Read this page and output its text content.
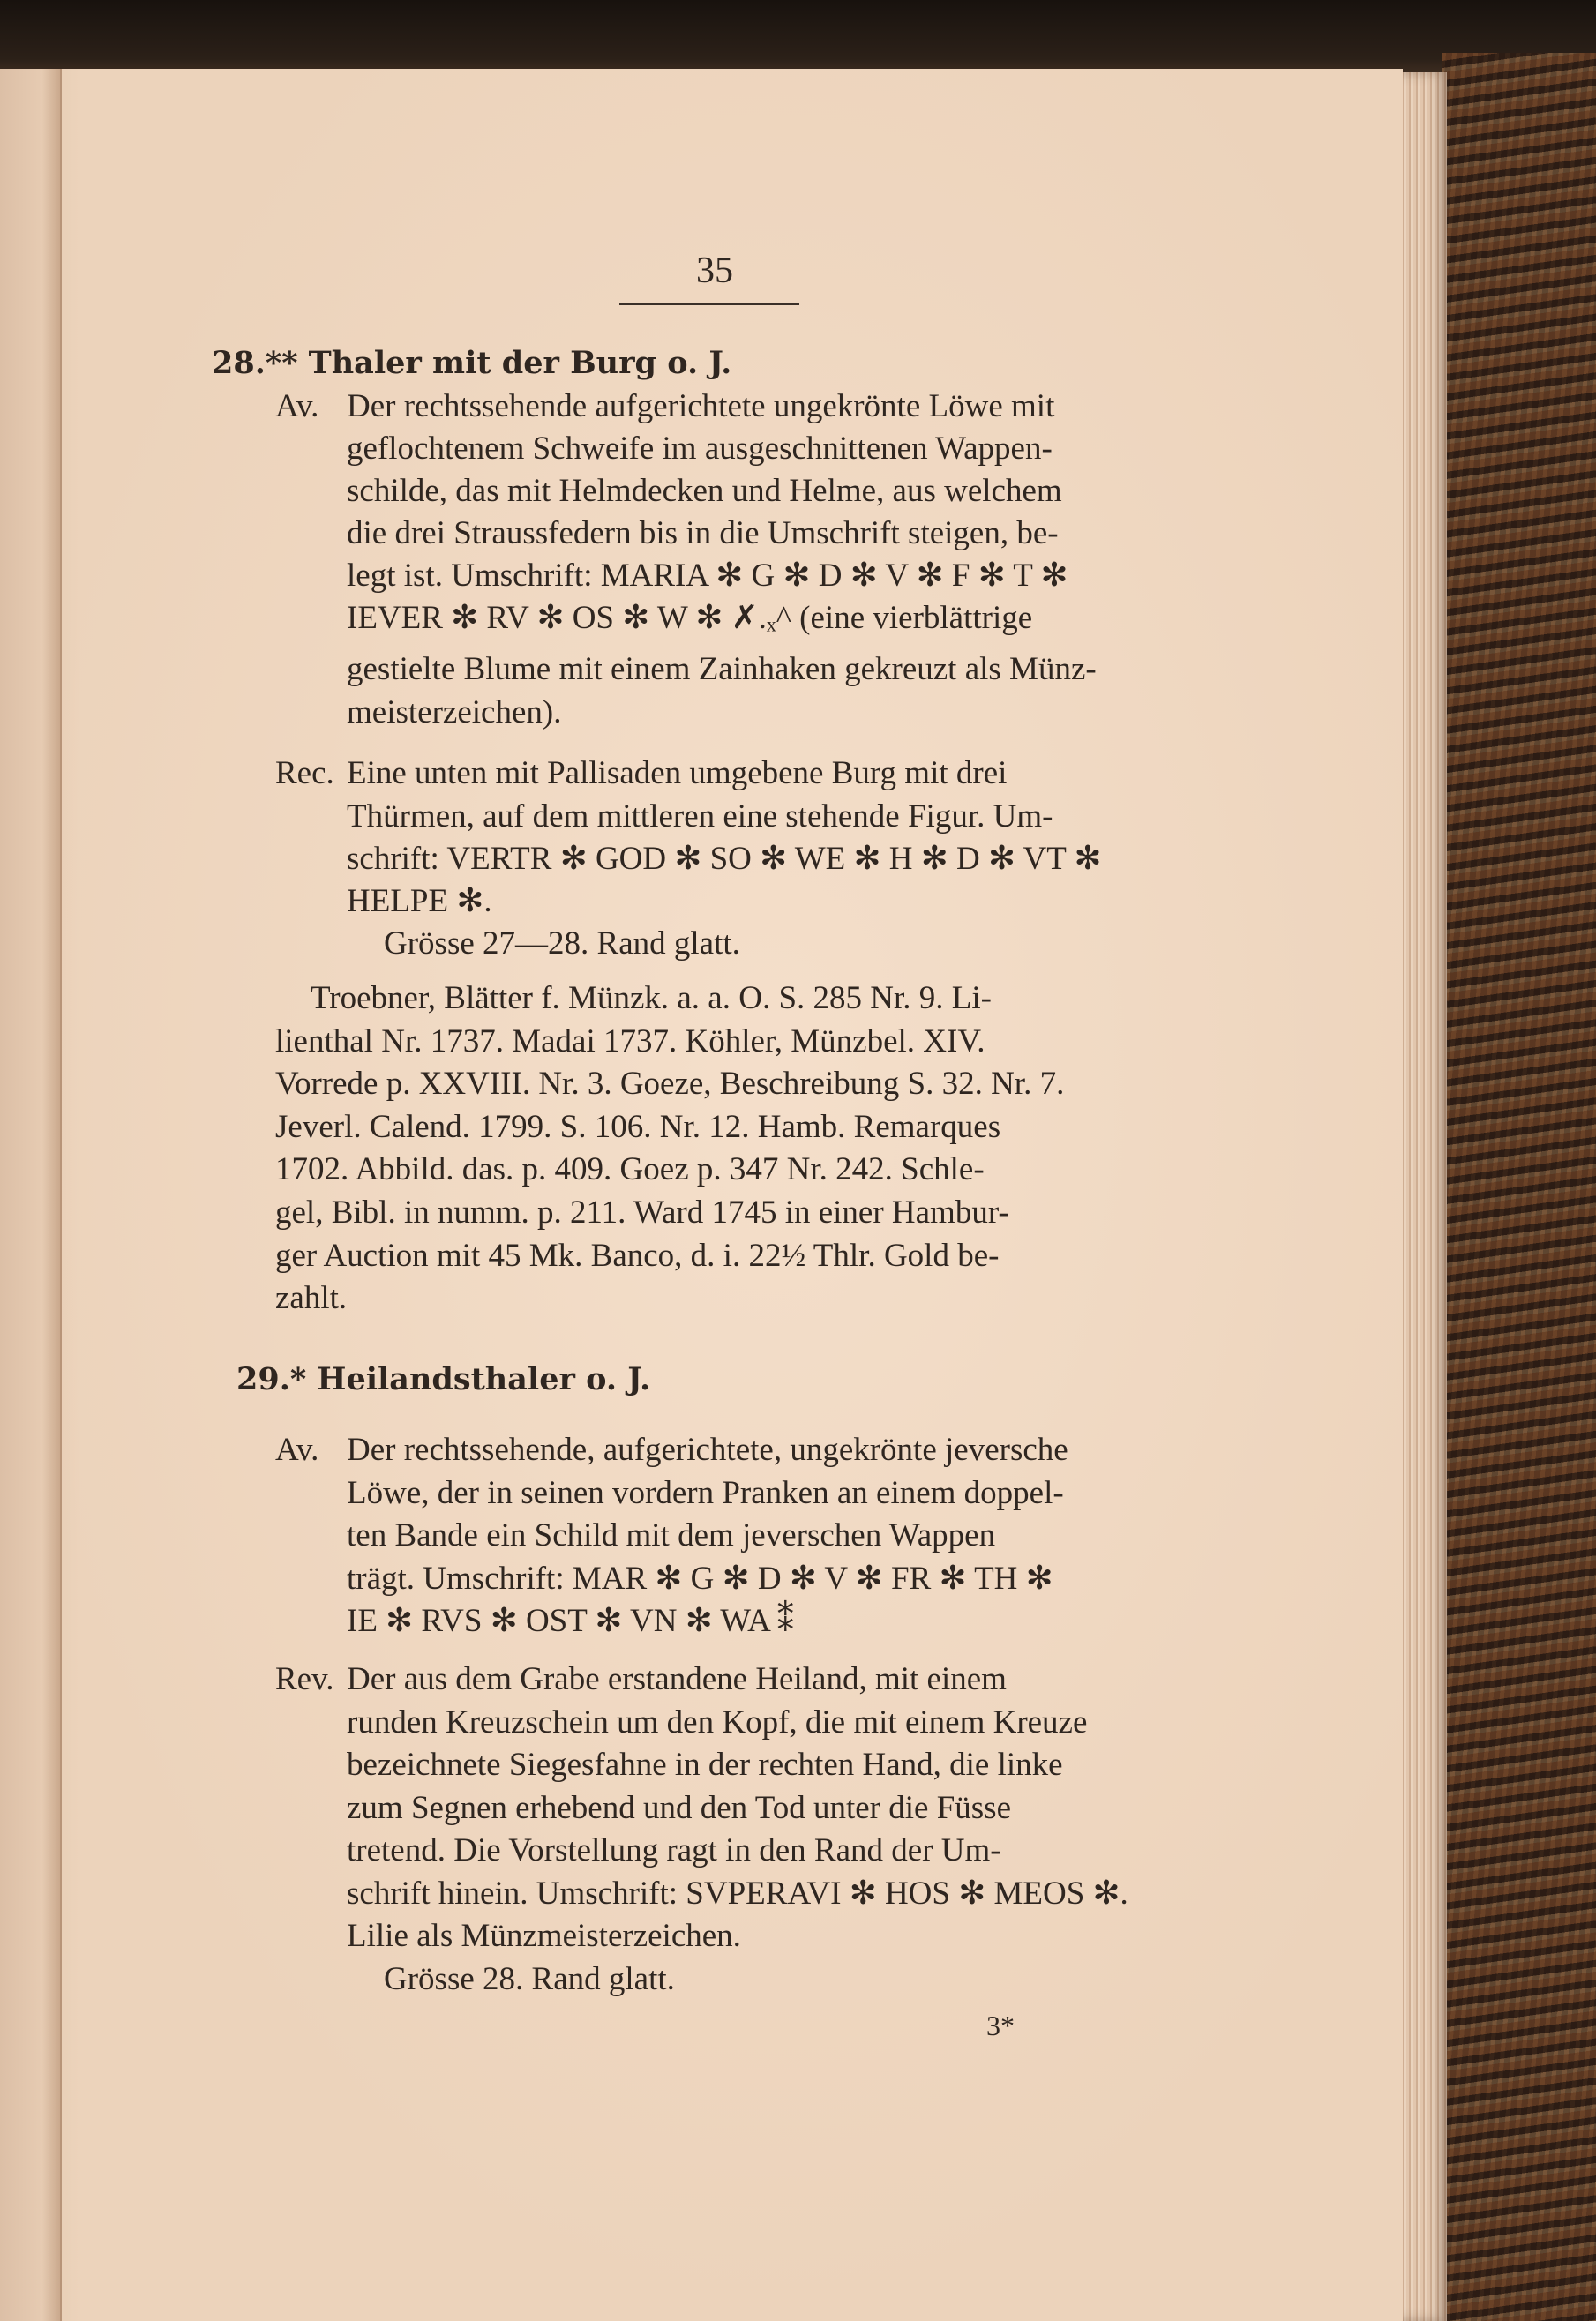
35
28.** Thaler mit der Burg o. J.
Av. Der rechtssehende aufgerichtete ungekrönte Löwe mit
geflochtenem Schweife im ausgeschnittenen Wappen-
schilde, das mit Helmdecken und Helme, aus welchem
die drei Straussfedern bis in die Umschrift steigen, be-
legt ist. Umschrift: MARIA ✻ G ✻ D ✻ V ✻ F ✻ T ✻
IEVER ✻ RV ✻ OS ✻ W ✻ ✗.ₓ^ (eine vierblättrige
gestielte Blume mit einem Zainhaken gekreuzt als Münz-
meisterzeichen).
Rec. Eine unten mit Pallisaden umgebene Burg mit drei
Thürmen, auf dem mittleren eine stehende Figur. Um-
schrift: VERTR ✻ GOD ✻ SO ✻ WE ✻ H ✻ D ✻ VT ✻
HELPE ✻.
Grösse 27—28. Rand glatt.
Troebner, Blätter f. Münzk. a. a. O. S. 285 Nr. 9. Li-
lienthal Nr. 1737. Madai 1737. Köhler, Münzbel. XIV.
Vorrede p. XXVIII. Nr. 3. Goeze, Beschreibung S. 32. Nr. 7.
Jeverl. Calend. 1799. S. 106. Nr. 12. Hamb. Remarques
1702. Abbild. das. p. 409. Goez p. 347 Nr. 242. Schle-
gel, Bibl. in numm. p. 211. Ward 1745 in einer Hambur-
ger Auction mit 45 Mk. Banco, d. i. 22½ Thlr. Gold be-
zahlt.
29.* Heilandsthaler o. J.
Av. Der rechtssehende, aufgerichtete, ungekrönte jeversche
Löwe, der in seinen vordern Pranken an einem doppel-
ten Bande ein Schild mit dem jeverschen Wappen
trägt. Umschrift: MAR ✻ G ✻ D ✻ V ✻ FR ✻ TH ✻
IE ✻ RVS ✻ OST ✻ VN ✻ WA ⁑
Rev. Der aus dem Grabe erstandene Heiland, mit einem
runden Kreuzschein um den Kopf, die mit einem Kreuze
bezeichnete Siegesfahne in der rechten Hand, die linke
zum Segnen erhebend und den Tod unter die Füsse
tretend. Die Vorstellung ragt in den Rand der Um-
schrift hinein. Umschrift: SVPERAVI ✻ HOS ✻ MEOS ✻.
Lilie als Münzmeisterzeichen.
Grösse 28. Rand glatt.
3*
